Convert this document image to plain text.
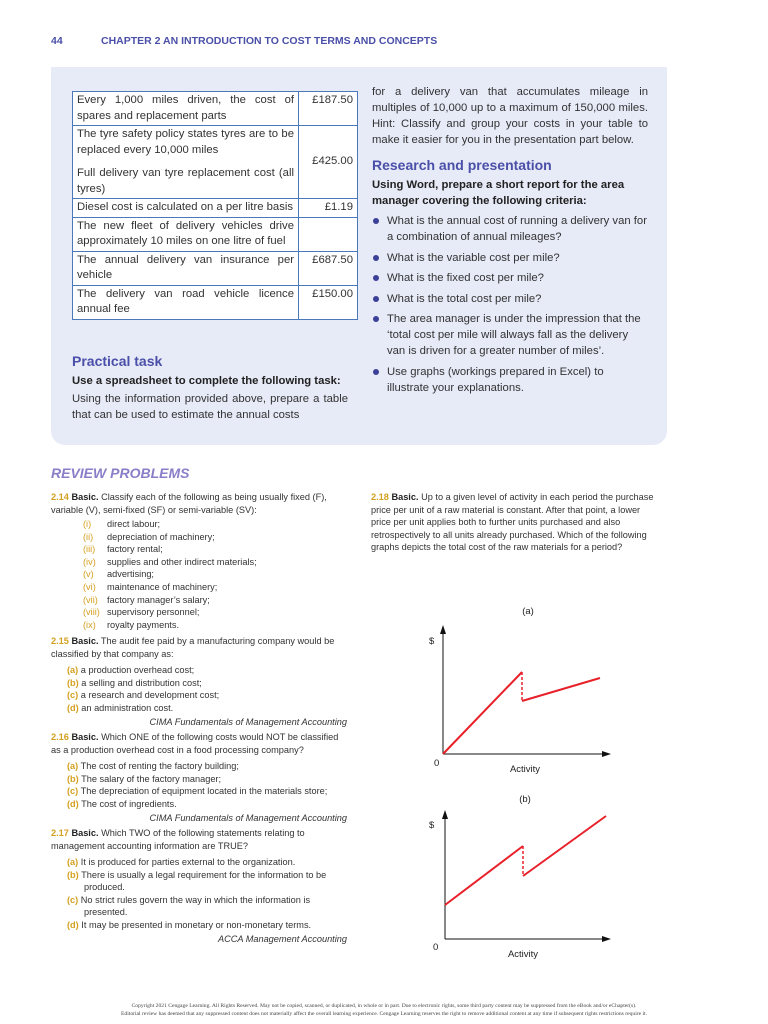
44	CHAPTER 2 AN INTRODUCTION TO COST TERMS AND CONCEPTS
Every 1,000 miles driven, the cost of spares and replacement parts	£187.50

The tyre safety policy states tyres are to be replaced every 10,000 miles
Full delivery van tyre replacement cost (all tyres)	£425.00
Diesel cost is calculated on a per litre basis	£1.19
The new fleet of delivery vehicles drive approximately 10 miles on one litre of fuel	
The annual delivery van insurance per vehicle	£687.50
The delivery van road vehicle licence annual fee	£150.00
Practical task
Use a spreadsheet to complete the following task:
Using the information provided above, prepare a table that can be used to estimate the annual costs
for a delivery van that accumulates mileage in multiples of 10,000 up to a maximum of 150,000 miles. Hint: Classify and group your costs in your table to make it easier for you in the presentation part below.
Research and presentation
Using Word, prepare a short report for the area manager covering the following criteria:
What is the annual cost of running a delivery van for a combination of annual mileages?
What is the variable cost per mile?
What is the fixed cost per mile?
What is the total cost per mile?
The area manager is under the impression that the ‘total cost per mile will always fall as the delivery van is driven for a greater number of miles’.
Use graphs (workings prepared in Excel) to illustrate your explanations.
REVIEW PROBLEMS
2.14 Basic. Classify each of the following as being usually fixed (F), variable (V), semi-fixed (SF) or semi-variable (SV):
(i) direct labour;
(ii) depreciation of machinery;
(iii) factory rental;
(iv) supplies and other indirect materials;
(v) advertising;
(vi) maintenance of machinery;
(vii) factory manager’s salary;
(viii) supervisory personnel;
(ix) royalty payments.
2.15 Basic. The audit fee paid by a manufacturing company would be classified by that company as:
(a) a production overhead cost;
(b) a selling and distribution cost;
(c) a research and development cost;
(d) an administration cost.
CIMA Fundamentals of Management Accounting
2.16 Basic. Which ONE of the following costs would NOT be classified as a production overhead cost in a food processing company?
(a) The cost of renting the factory building;
(b) The salary of the factory manager;
(c) The depreciation of equipment located in the materials store;
(d) The cost of ingredients.
CIMA Fundamentals of Management Accounting
2.17 Basic. Which TWO of the following statements relating to management accounting information are TRUE?
(a) It is produced for parties external to the organization.
(b) There is usually a legal requirement for the information to be produced.
(c) No strict rules govern the way in which the information is presented.
(d) It may be presented in monetary or non-monetary terms.
ACCA Management Accounting
2.18 Basic. Up to a given level of activity in each period the purchase price per unit of a raw material is constant. After that point, a lower price per unit applies both to further units purchased and also retrospectively to all units already purchased. Which of the following graphs depicts the total cost of the raw materials for a period?
(a)
$
0
Activity
(b)
$
0
Activity
Copyright 2021 Cengage Learning. All Rights Reserved. May not be copied, scanned, or duplicated, in whole or in part. Due to electronic rights, some third party content may be suppressed from the eBook and/or eChapter(s).
Editorial review has deemed that any suppressed content does not materially affect the overall learning experience. Cengage Learning reserves the right to remove additional content at any time if subsequent rights restrictions require it.
